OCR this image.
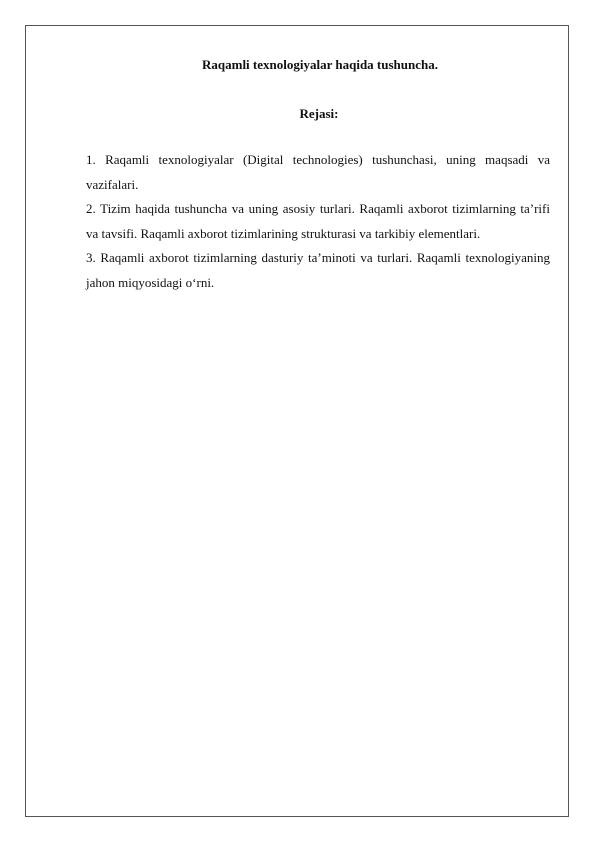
Raqamli texnologiyalar haqida tushuncha.
Rejasi:

1. Raqamli texnologiyalar (Digital technologies) tushunchasi, uning maqsadi va vazifalari.

2. Tizim haqida tushuncha va uning asosiy turlari. Raqamli axborot tizimlarning ta’rifi va tavsifi. Raqamli axborot tizimlarining strukturasi va tarkibiy elementlari.

3. Raqamli axborot tizimlarning dasturiy ta’minoti va turlari. Raqamli texnologiyaning jahon miqyosidagi o‘rni.
